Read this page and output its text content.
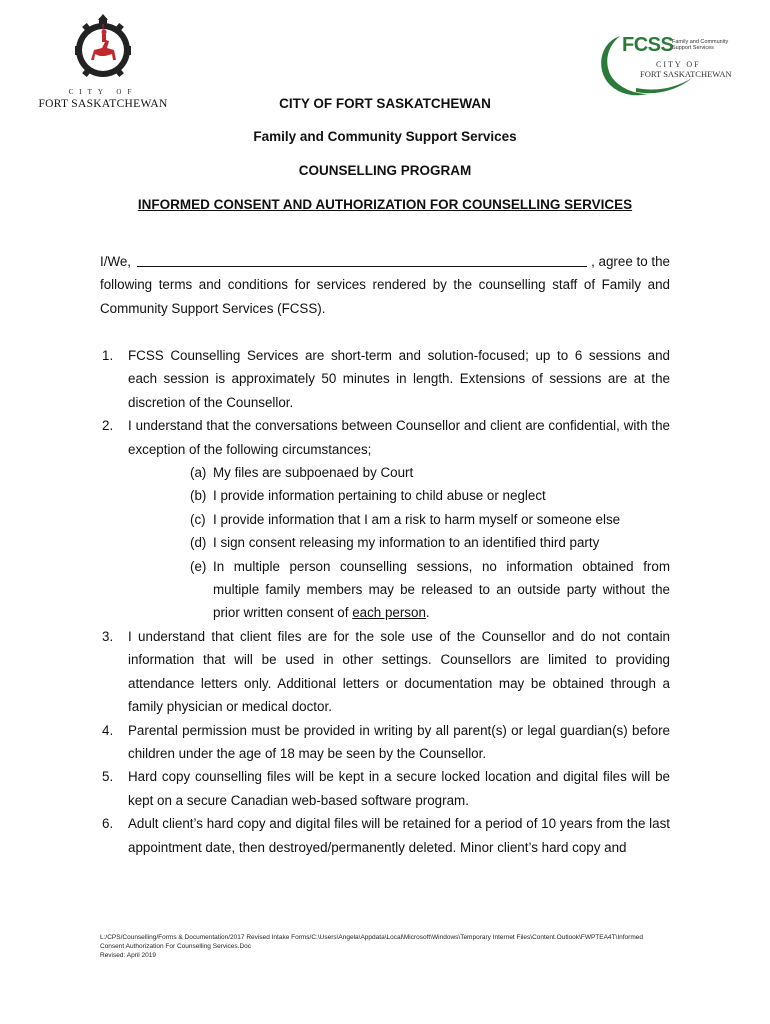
CITY OF
FORT SASKATCHEWAN
FCSS
Family and Community
Support Services
CITY OF
FORT SASKATCHEWAN
CITY OF FORT SASKATCHEWAN
Family and Community Support Services
COUNSELLING PROGRAM
INFORMED CONSENT AND AUTHORIZATION FOR COUNSELLING SERVICES
I/We,	, agree to the
following terms and conditions for services rendered by the counselling staff of Family and Community Support Services (FCSS).
1. FCSS Counselling Services are short-term and solution-focused; up to 6 sessions and each session is approximately 50 minutes in length. Extensions of sessions are at the discretion of the Counsellor.
2. I understand that the conversations between Counsellor and client are confidential, with the exception of the following circumstances;
(a) My files are subpoenaed by Court
(b) I provide information pertaining to child abuse or neglect
(c) I provide information that I am a risk to harm myself or someone else
(d) I sign consent releasing my information to an identified third party
(e) In multiple person counselling sessions, no information obtained from multiple family members may be released to an outside party without the prior written consent of each person.
3. I understand that client files are for the sole use of the Counsellor and do not contain information that will be used in other settings. Counsellors are limited to providing attendance letters only. Additional letters or documentation may be obtained through a family physician or medical doctor.
4. Parental permission must be provided in writing by all parent(s) or legal guardian(s) before children under the age of 18 may be seen by the Counsellor.
5. Hard copy counselling files will be kept in a secure locked location and digital files will be kept on a secure Canadian web-based software program.
6. Adult client’s hard copy and digital files will be retained for a period of 10 years from the last appointment date, then destroyed/permanently deleted. Minor client’s hard copy and
L:/CPS/Counselling/Forms & Documentation/2017 Revised Intake Forms/C:\Users\Angela\Appdata\Local\Microsoft\Windows\Temporary Internet Files\Content.Outlook\FWPTEA4T\Informed Consent Authorization For Counselling Services.Doc
Revised: April 2019
